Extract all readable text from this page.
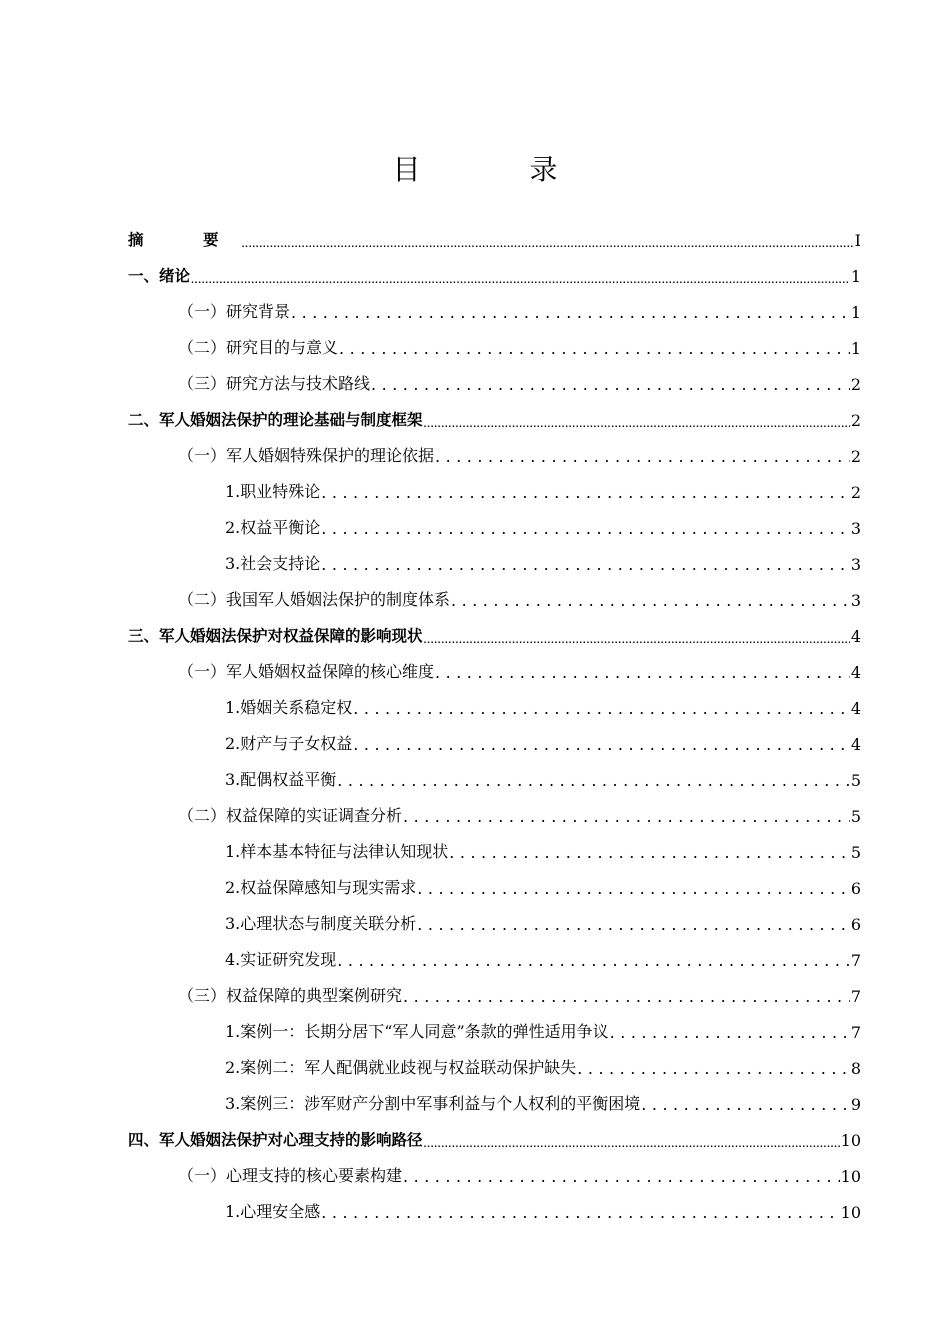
目 录
摘　要 .....	I
一、绪论 .....	1
（一）研究背景 .....	1
（二）研究目的与意义 .....	1
（三）研究方法与技术路线 .....	2
二、军人婚姻法保护的理论基础与制度框架 .....	2
（一）军人婚姻特殊保护的理论依据 .....	2
1.职业特殊论 .....	2
2.权益平衡论 .....	3
3.社会支持论 .....	3
（二）我国军人婚姻法保护的制度体系 .....	3
三、军人婚姻法保护对权益保障的影响现状 .....	4
（一）军人婚姻权益保障的核心维度 .....	4
1.婚姻关系稳定权 .....	4
2.财产与子女权益 .....	4
3.配偶权益平衡 .....	5
（二）权益保障的实证调查分析 .....	5
1.样本基本特征与法律认知现状 .....	5
2.权益保障感知与现实需求 .....	6
3.心理状态与制度关联分析 .....	6
4.实证研究发现 .....	7
（三）权益保障的典型案例研究 .....	7
1.案例一：长期分居下“军人同意”条款的弹性适用争议 .....	7
2.案例二：军人配偶就业歧视与权益联动保护缺失 .....	8
3.案例三：涉军财产分割中军事利益与个人权利的平衡困境 .....	9
四、军人婚姻法保护对心理支持的影响路径 .....	10
（一）心理支持的核心要素构建 .....	10
1.心理安全感 .....	10
